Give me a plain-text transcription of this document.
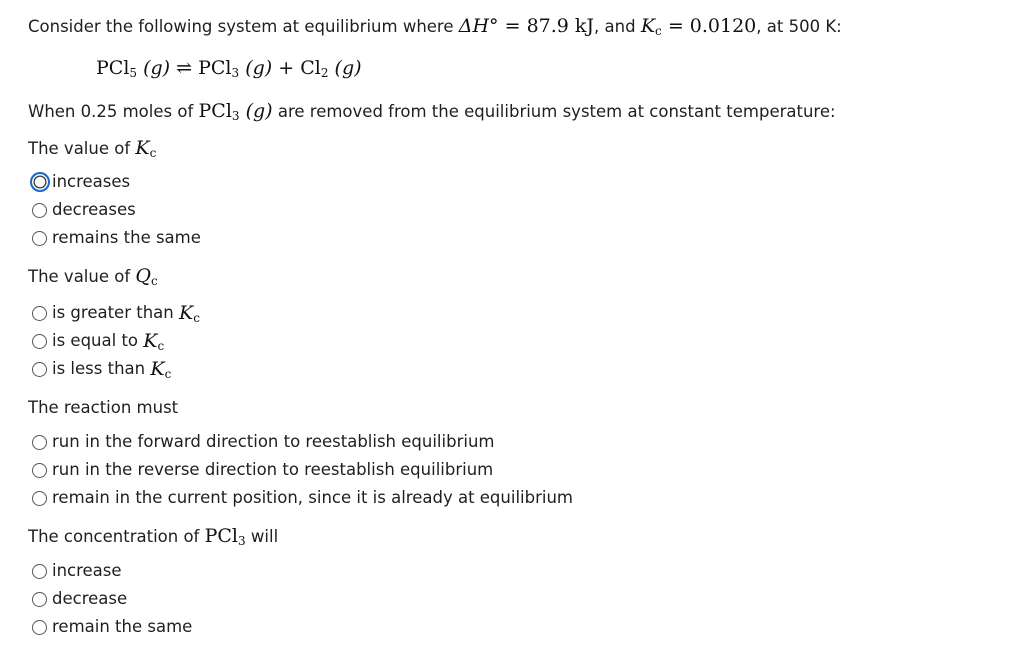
Consider the following system at equilibrium where ΔH° = 87.9 kJ, and $K_c = 0.0120$, at 500 K:
PCl$_5$ (g) ⇌ PCl$_3$ $(g) + Cl_2$ (g)
When 0.25 moles of PCl$_3$ (g) are removed from the equilibrium system at constant temperature:
The value of $K_c$
increases
decreases
remains the same
The value of $Q_c$
is greater than
$K_c$
is equal to
$K_c$
is less than
$K_c$
The reaction must
run in the forward direction to reestablish equilibrium
run in the reverse direction to reestablish equilibrium
remain in the current position, since it is already at equilibrium
The concentration of PCl$_3$ will
increase
decrease
remain the same
